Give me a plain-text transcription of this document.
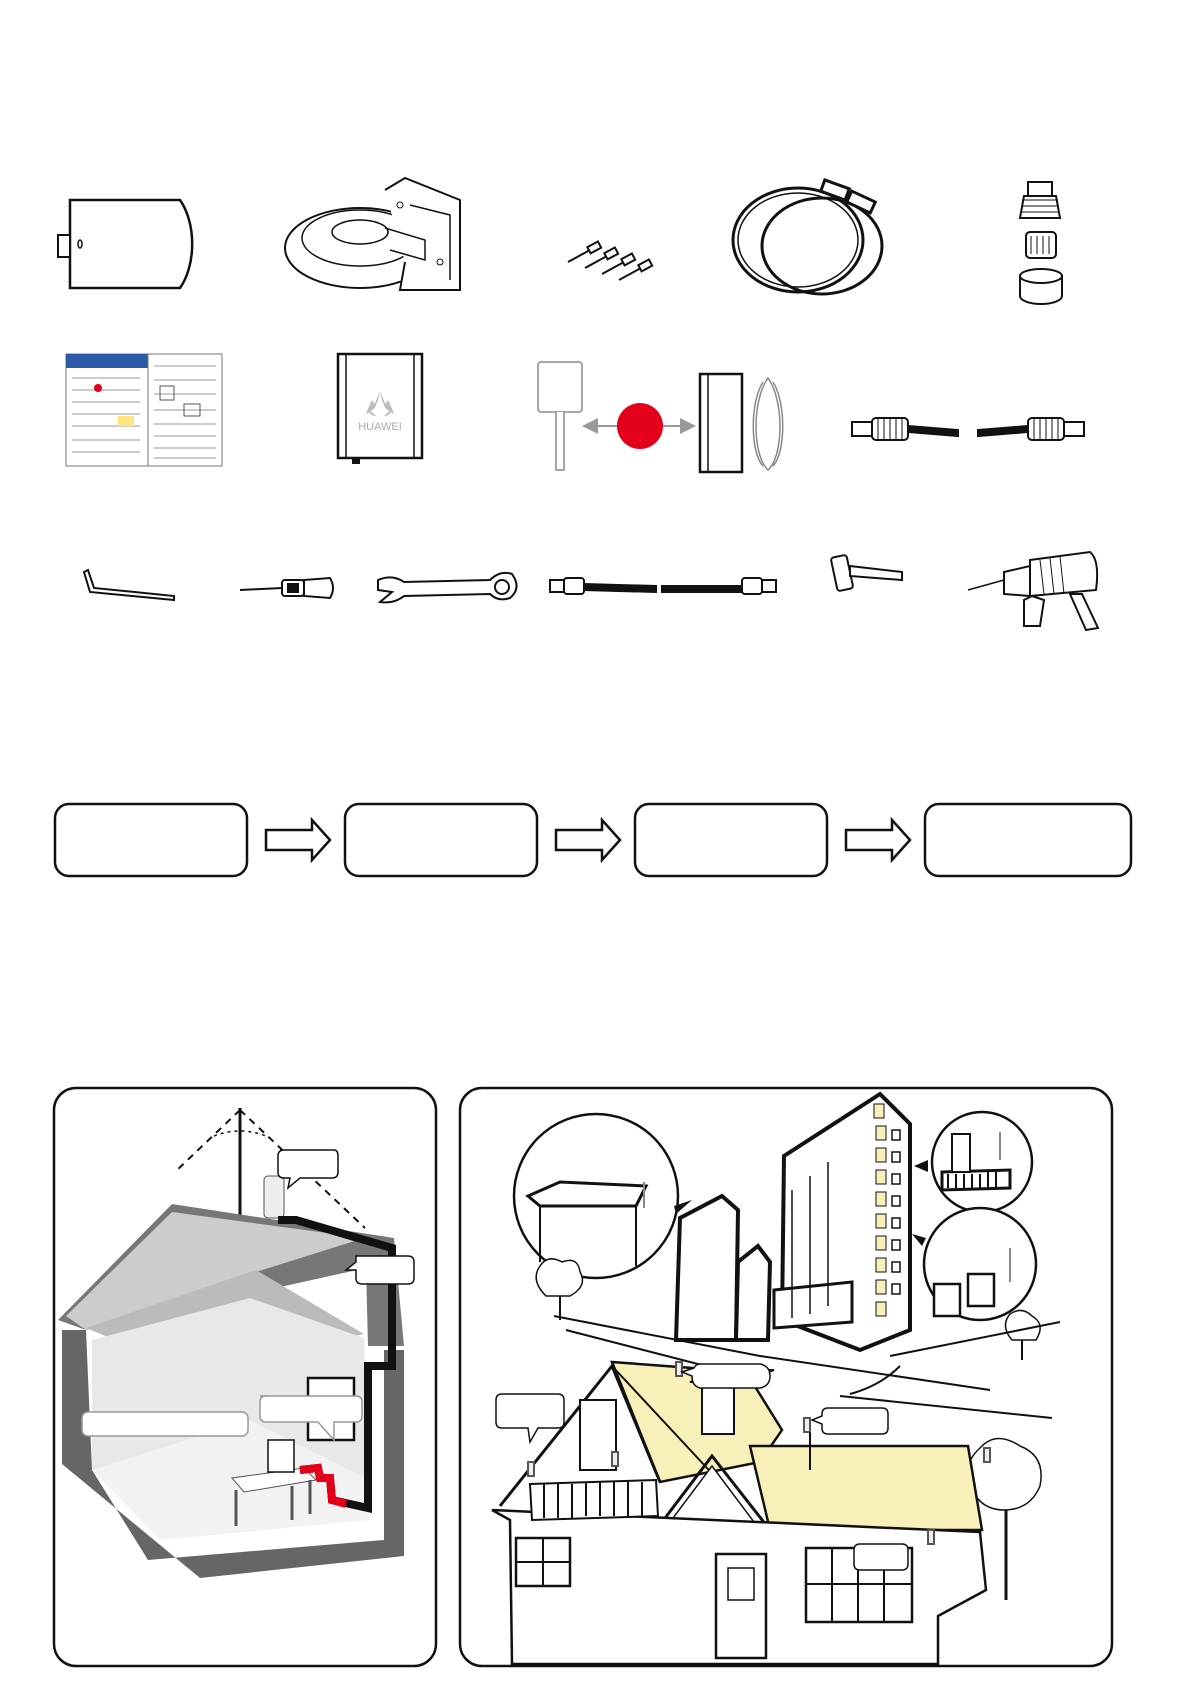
HUAWEI
